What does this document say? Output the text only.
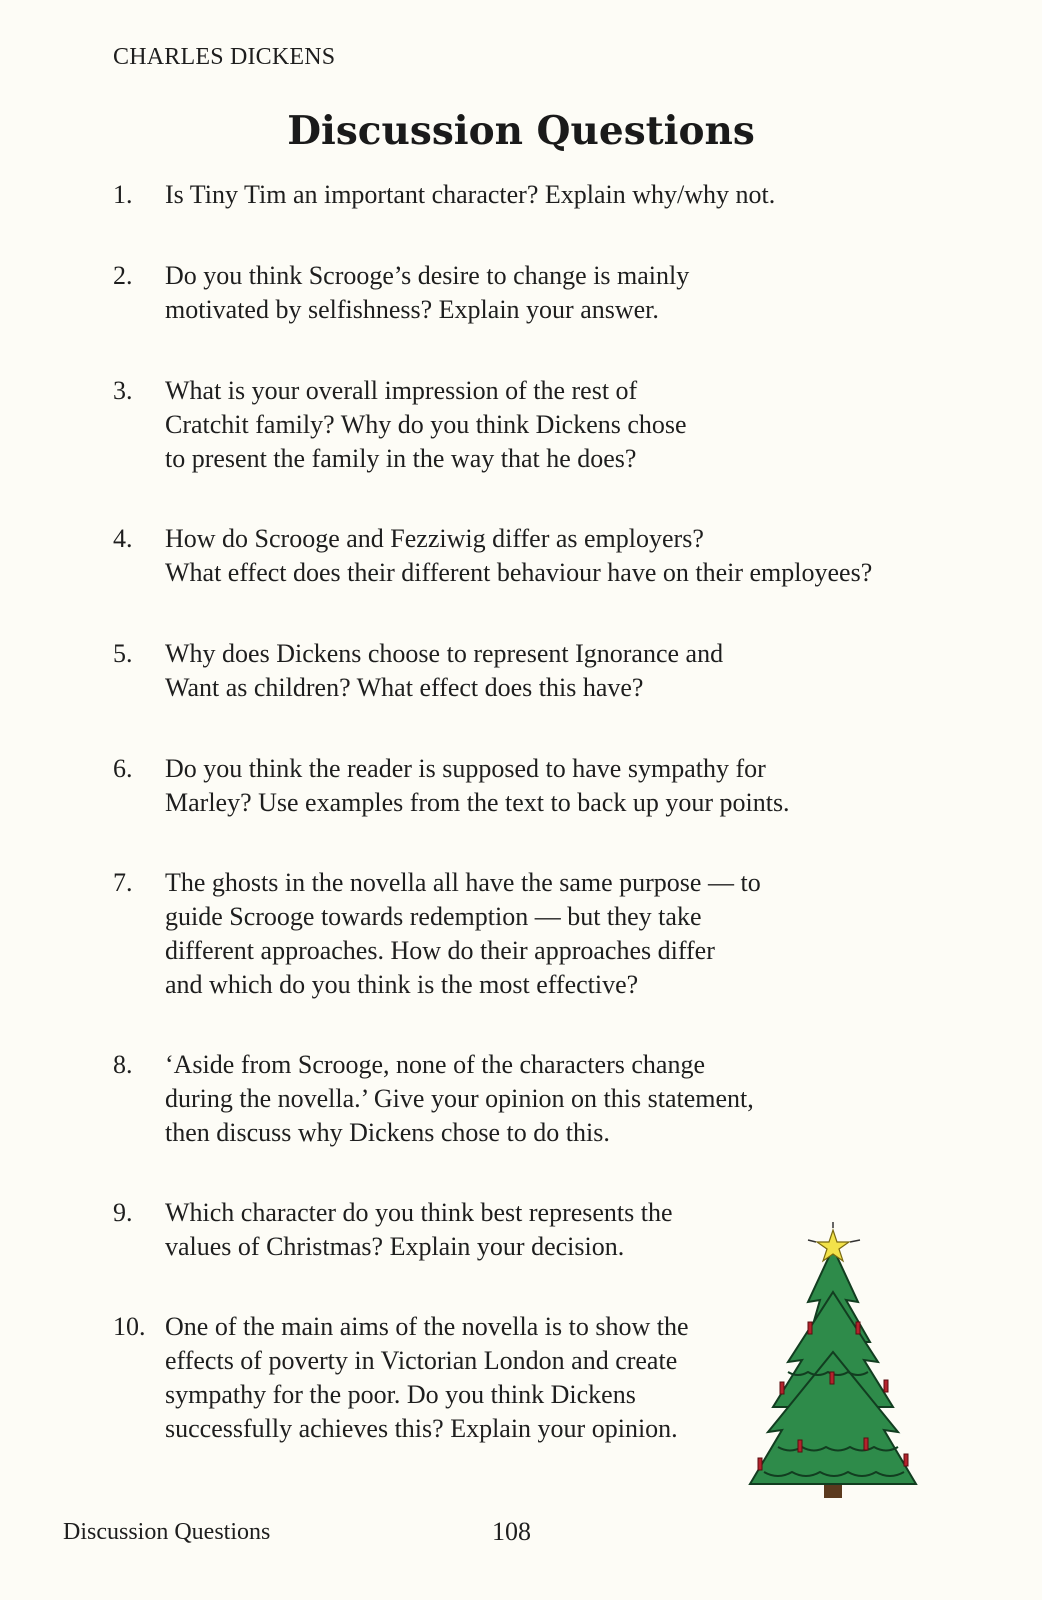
CHARLES DICKENS
Discussion Questions
1. Is Tiny Tim an important character? Explain why/why not.
2. Do you think Scrooge’s desire to change is mainly
motivated by selfishness? Explain your answer.
3. What is your overall impression of the rest of
Cratchit family? Why do you think Dickens chose
to present the family in the way that he does?
4. How do Scrooge and Fezziwig differ as employers?
What effect does their different behaviour have on their employees?
5. Why does Dickens choose to represent Ignorance and
Want as children? What effect does this have?
6. Do you think the reader is supposed to have sympathy for
Marley? Use examples from the text to back up your points.
7. The ghosts in the novella all have the same purpose — to
guide Scrooge towards redemption — but they take
different approaches. How do their approaches differ
and which do you think is the most effective?
8. ‘Aside from Scrooge, none of the characters change
during the novella.’ Give your opinion on this statement,
then discuss why Dickens chose to do this.
9. Which character do you think best represents the
values of Christmas? Explain your decision.
10. One of the main aims of the novella is to show the
effects of poverty in Victorian London and create
sympathy for the poor. Do you think Dickens
successfully achieves this? Explain your opinion.
Discussion Questions	108
